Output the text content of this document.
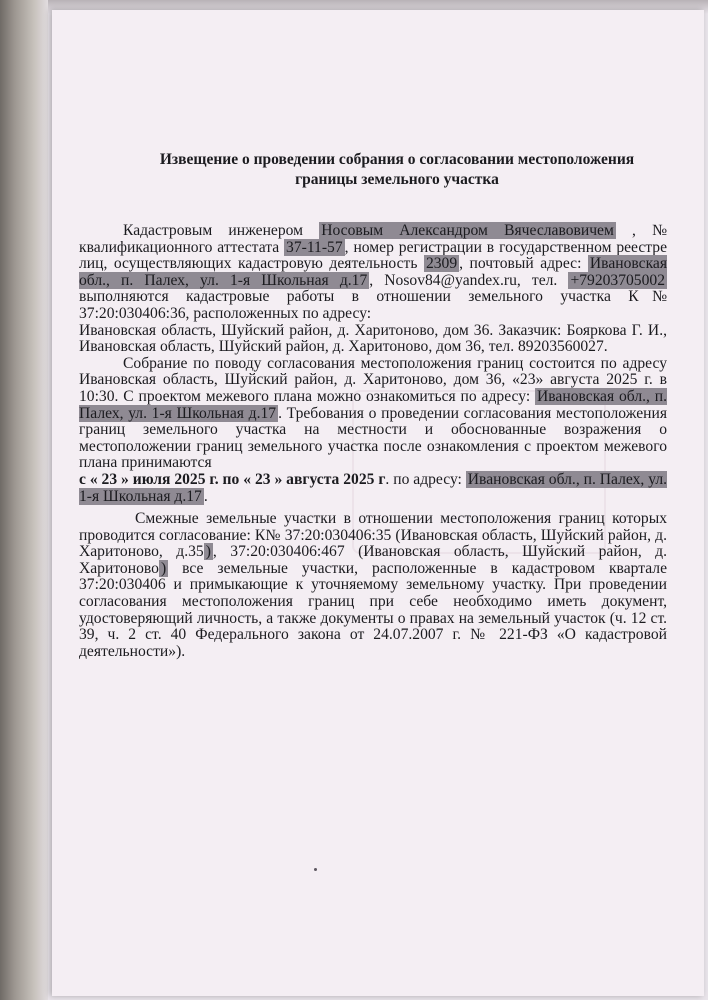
Извещение о проведении собрания о согласовании местоположения
границы земельного участка

Кадастровым инженером Носовым Александром Вячеславовичем , № квалификационного аттестата 37-11-57 , номер регистрации в государственном реестре лиц, осуществляющих кадастровую деятельность 2309 , почтовый адрес: Ивановская обл., п. Палех, ул. 1-я Школьная д.17 , Nosov84@yandex.ru, тел. +79203705002 выполняются кадастровые работы в отношении земельного участка К№ 37:20:030406:36, расположенных по адресу:

Ивановская область, Шуйский район, д. Харитоново, дом 36. Заказчик: Бояркова Г. И., Ивановская область, Шуйский район, д. Харитоново, дом 36, тел. 89203560027.

Собрание по поводу согласования местоположения границ состоится по адресу Ивановская область, Шуйский район, д. Харитоново, дом 36, «23» августа 2025 г. в 10:30. С проектом межевого плана можно ознакомиться по адресу: Ивановская обл., п. Палех, ул. 1-я Школьная д.17 . Требования о проведении согласования местоположения границ земельного участка на местности и обоснованные возражения о местоположении границ земельного участка после ознакомления с проектом межевого плана принимаются
с « 23 » июля 2025 г. по « 23 » августа 2025 г. по адресу: Ивановская обл., п. Палех, ул. 1-я Школьная д.17 .

Смежные земельные участки в отношении местоположения границ которых проводится согласование: К№ 37:20:030406:35 (Ивановская область, Шуйский район, д. Харитоново, д.35 ) , 37:20:030406:467 (Ивановская область, Шуйский район, д. Харитоново ) все земельные участки, расположенные в кадастровом квартале 37:20:030406 и примыкающие к уточняемому земельному участку. При проведении согласования местоположения границ при себе необходимо иметь документ, удостоверяющий личность, а также документы о правах на земельный участок (ч. 12 ст. 39, ч. 2 ст. 40 Федерального закона от 24.07.2007 г. № 221-ФЗ «О кадастровой деятельности»).
